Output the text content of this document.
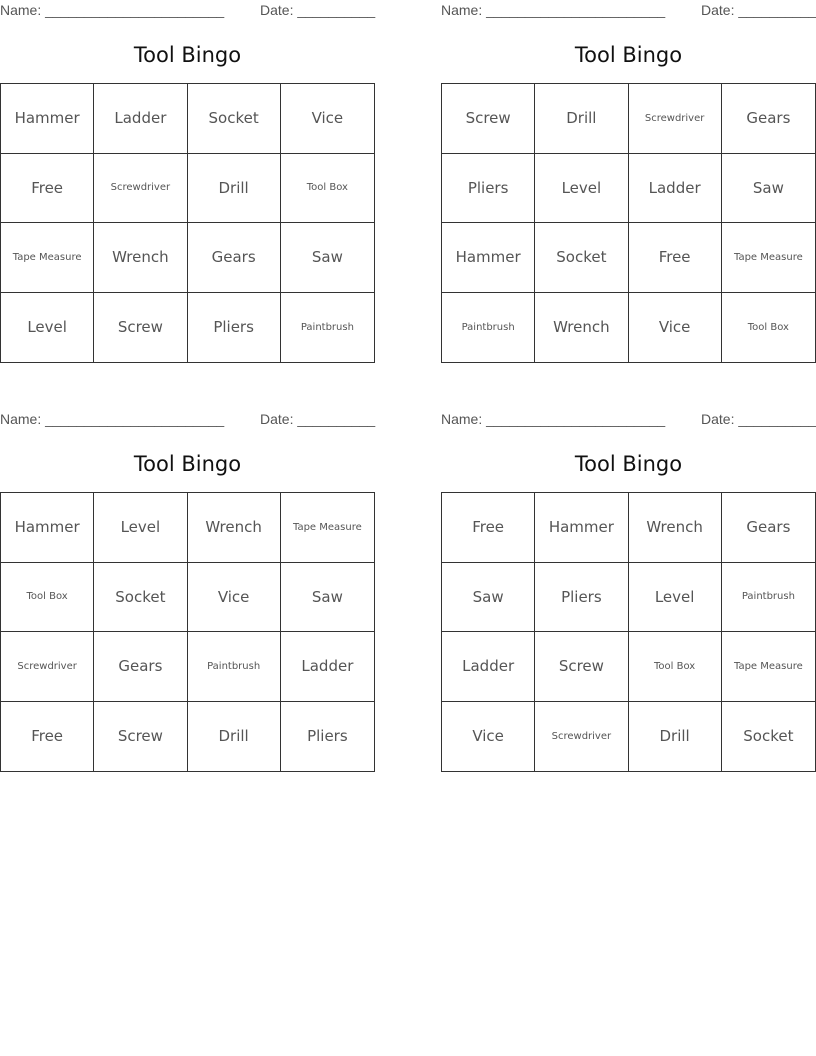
Name: _______________________	Date: __________
Tool Bingo
Hammer	Ladder	Socket	Vice
Free	Screwdriver	Drill	Tool Box
Tape Measure	Wrench	Gears	Saw
Level	Screw	Pliers	Paintbrush
Name: _______________________	Date: __________
Tool Bingo
Screw	Drill	Screwdriver	Gears
Pliers	Level	Ladder	Saw
Hammer	Socket	Free	Tape Measure
Paintbrush	Wrench	Vice	Tool Box
Name: _______________________	Date: __________
Tool Bingo
Hammer	Level	Wrench	Tape Measure
Tool Box	Socket	Vice	Saw
Screwdriver	Gears	Paintbrush	Ladder
Free	Screw	Drill	Pliers
Name: _______________________	Date: __________
Tool Bingo
Free	Hammer	Wrench	Gears
Saw	Pliers	Level	Paintbrush
Ladder	Screw	Tool Box	Tape Measure
Vice	Screwdriver	Drill	Socket
